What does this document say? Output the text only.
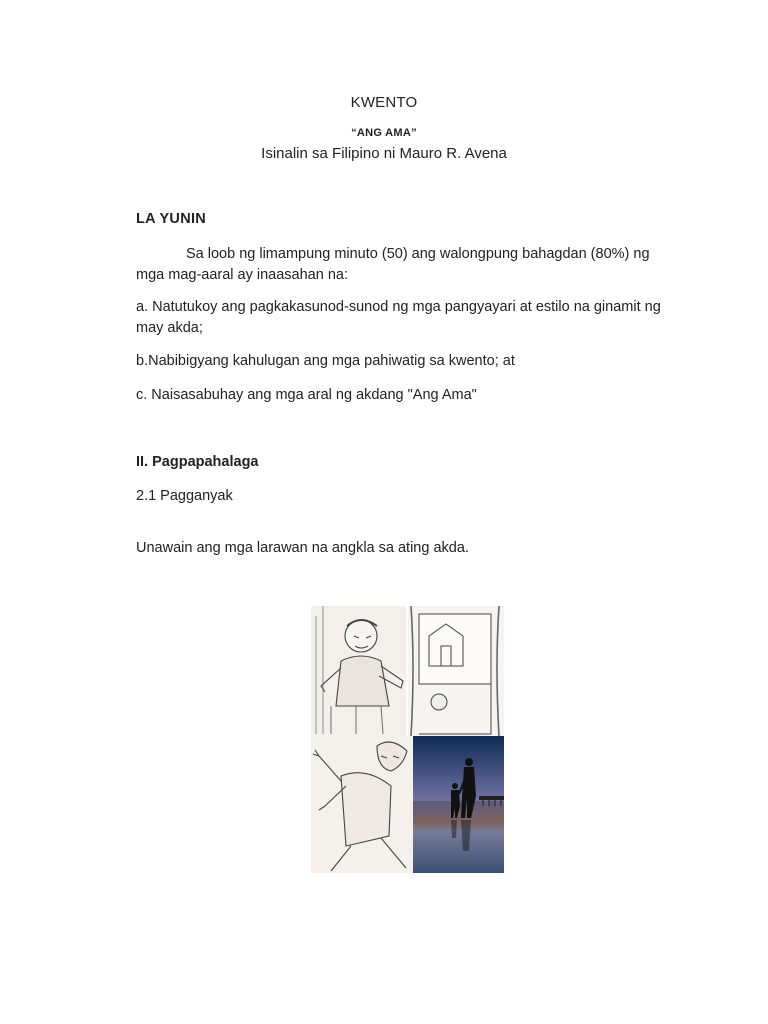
KWENTO
“ANG AMA”
Isinalin sa Filipino ni Mauro R. Avena
LA YUNIN
Sa loob ng limampung minuto (50) ang walongpung bahagdan (80%) ng mga mag-aaral ay inaasahan na:
a. Natutukoy ang pagkakasunod-sunod ng mga pangyayari at estilo na ginamit ng may akda;
b.Nabibigyang kahulugan ang mga pahiwatig sa kwento; at
c. Naisasabuhay ang mga aral ng akdang "Ang Ama"
II. Pagpapahalaga
2.1 Pagganyak
Unawain ang mga larawan na angkla sa ating akda.
